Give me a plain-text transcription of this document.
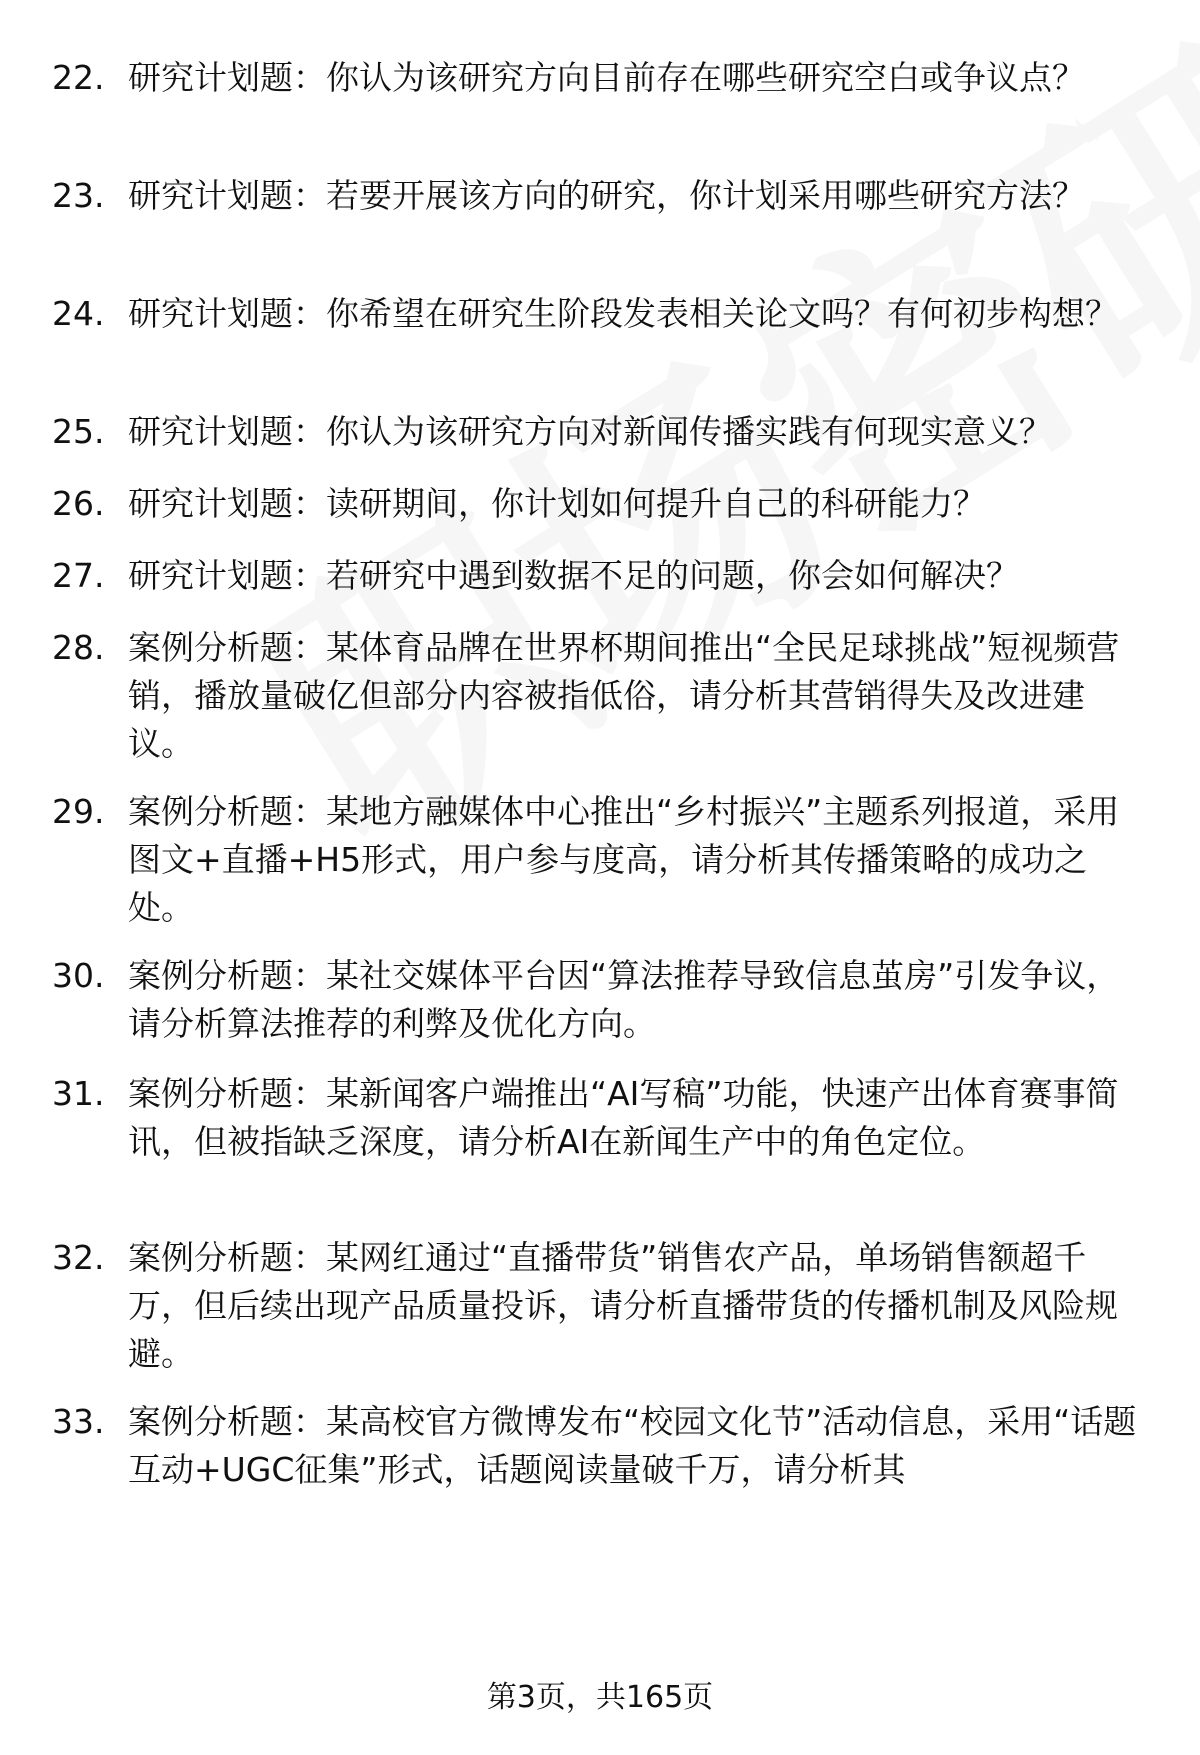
22. 研究计划题：你认为该研究方向目前存在哪些研究空白或争议点？

23. 研究计划题：若要开展该方向的研究，你计划采用哪些研究方法？

24. 研究计划题：你希望在研究生阶段发表相关论文吗？有何初步构想？

25. 研究计划题：你认为该研究方向对新闻传播实践有何现实意义？

26. 研究计划题：读研期间，你计划如何提升自己的科研能力？

27. 研究计划题：若研究中遇到数据不足的问题，你会如何解决？

28. 案例分析题：某体育品牌在世界杯期间推出“全民足球挑战”短视频营销，播放量破亿但部分内容被指低俗，请分析其营销得失及改进建议。

29. 案例分析题：某地方融媒体中心推出“乡村振兴”主题系列报道，采用图文+直播+H5形式，用户参与度高，请分析其传播策略的成功之处。

30. 案例分析题：某社交媒体平台因“算法推荐导致信息茧房”引发争议，请分析算法推荐的利弊及优化方向。

31. 案例分析题：某新闻客户端推出“AI写稿”功能，快速产出体育赛事简讯，但被指缺乏深度，请分析AI在新闻生产中的角色定位。

32. 案例分析题：某网红通过“直播带货”销售农产品，单场销售额超千万，但后续出现产品质量投诉，请分析直播带货的传播机制及风险规避。

33. 案例分析题：某高校官方微博发布“校园文化节”活动信息，采用“话题互动+UGC征集”形式，话题阅读量破千万，请分析其

第3页，共165页
